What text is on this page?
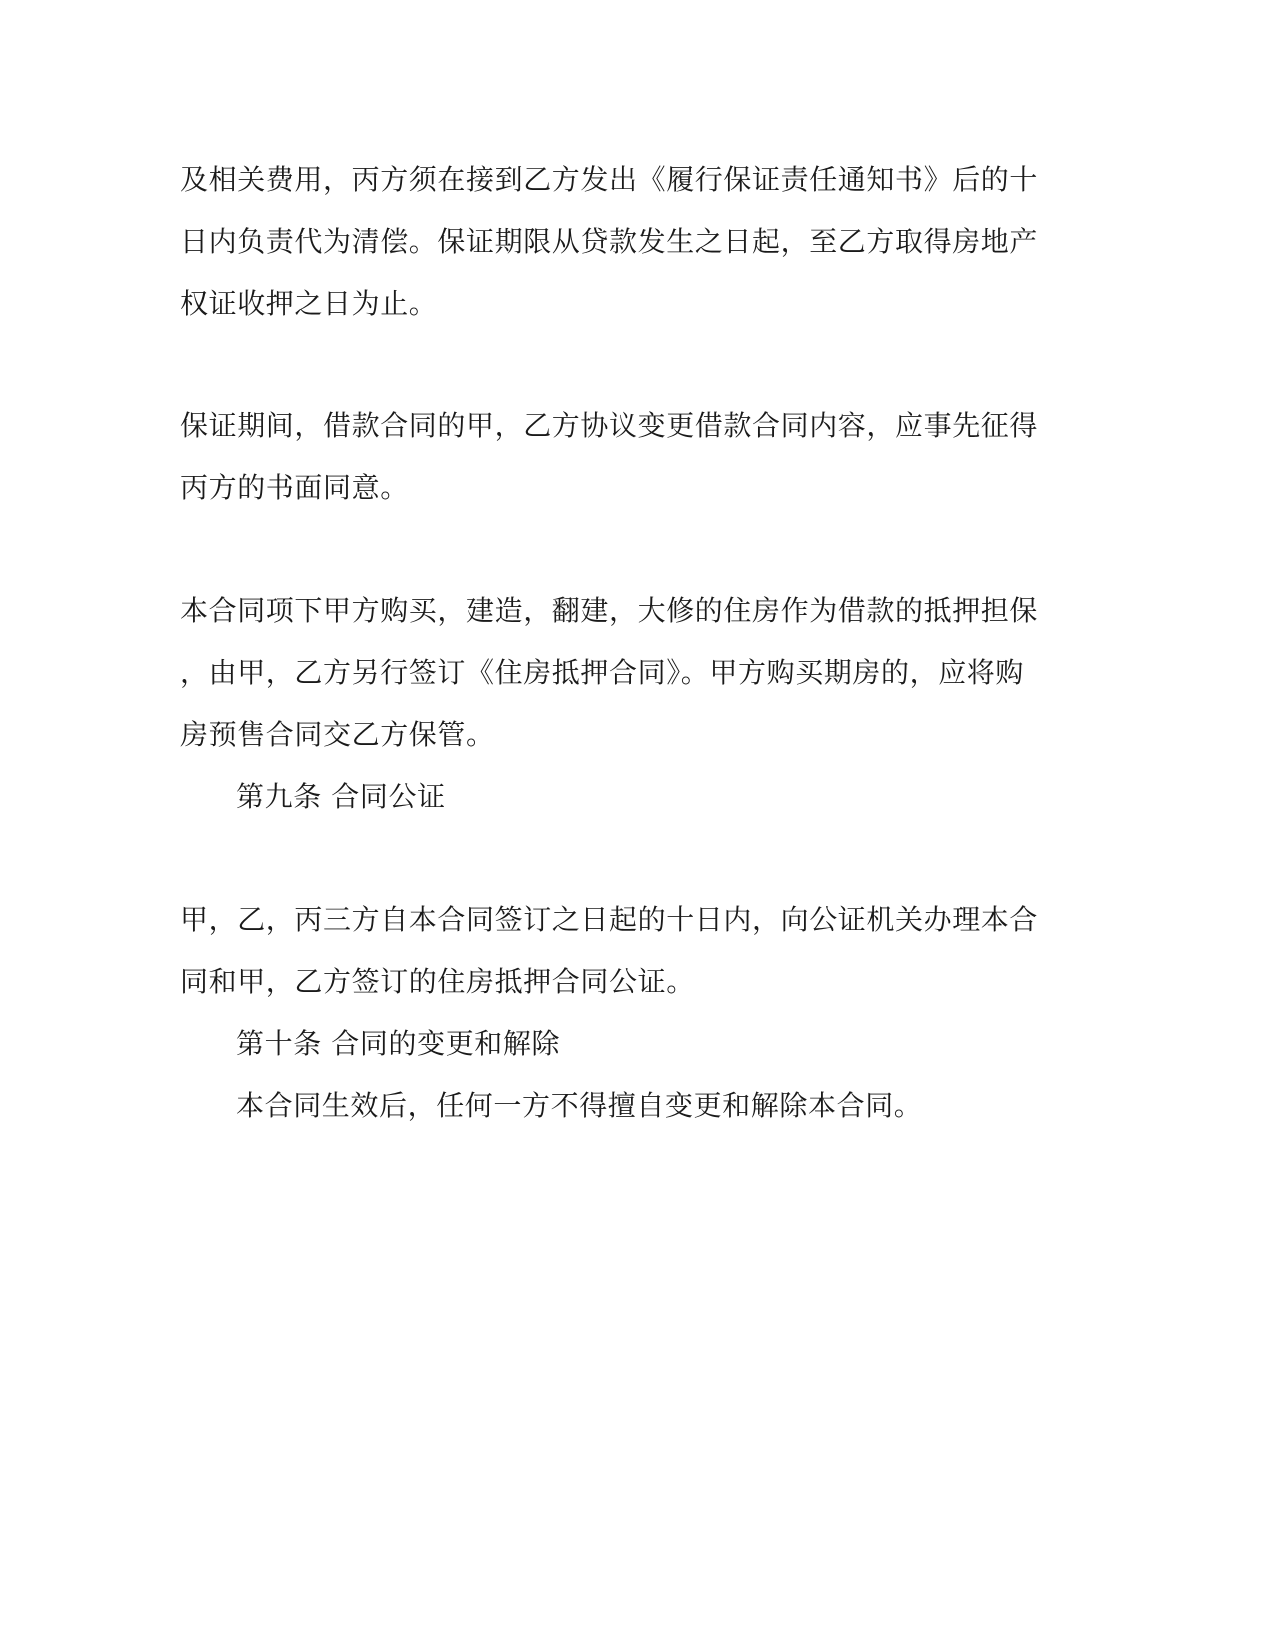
及相关费用，丙方须在接到乙方发出《履行保证责任通知书》后的十
日内负责代为清偿。保证期限从贷款发生之日起，至乙方取得房地产
权证收押之日为止。
保证期间，借款合同的甲，乙方协议变更借款合同内容，应事先征得
丙方的书面同意。
本合同项下甲方购买，建造，翻建，大修的住房作为借款的抵押担保
，由甲，乙方另行签订《住房抵押合同》。甲方购买期房的，应将购
房预售合同交乙方保管。
第九条 合同公证
甲，乙，丙三方自本合同签订之日起的十日内，向公证机关办理本合
同和甲，乙方签订的住房抵押合同公证。
第十条 合同的变更和解除
本合同生效后，任何一方不得擅自变更和解除本合同。
